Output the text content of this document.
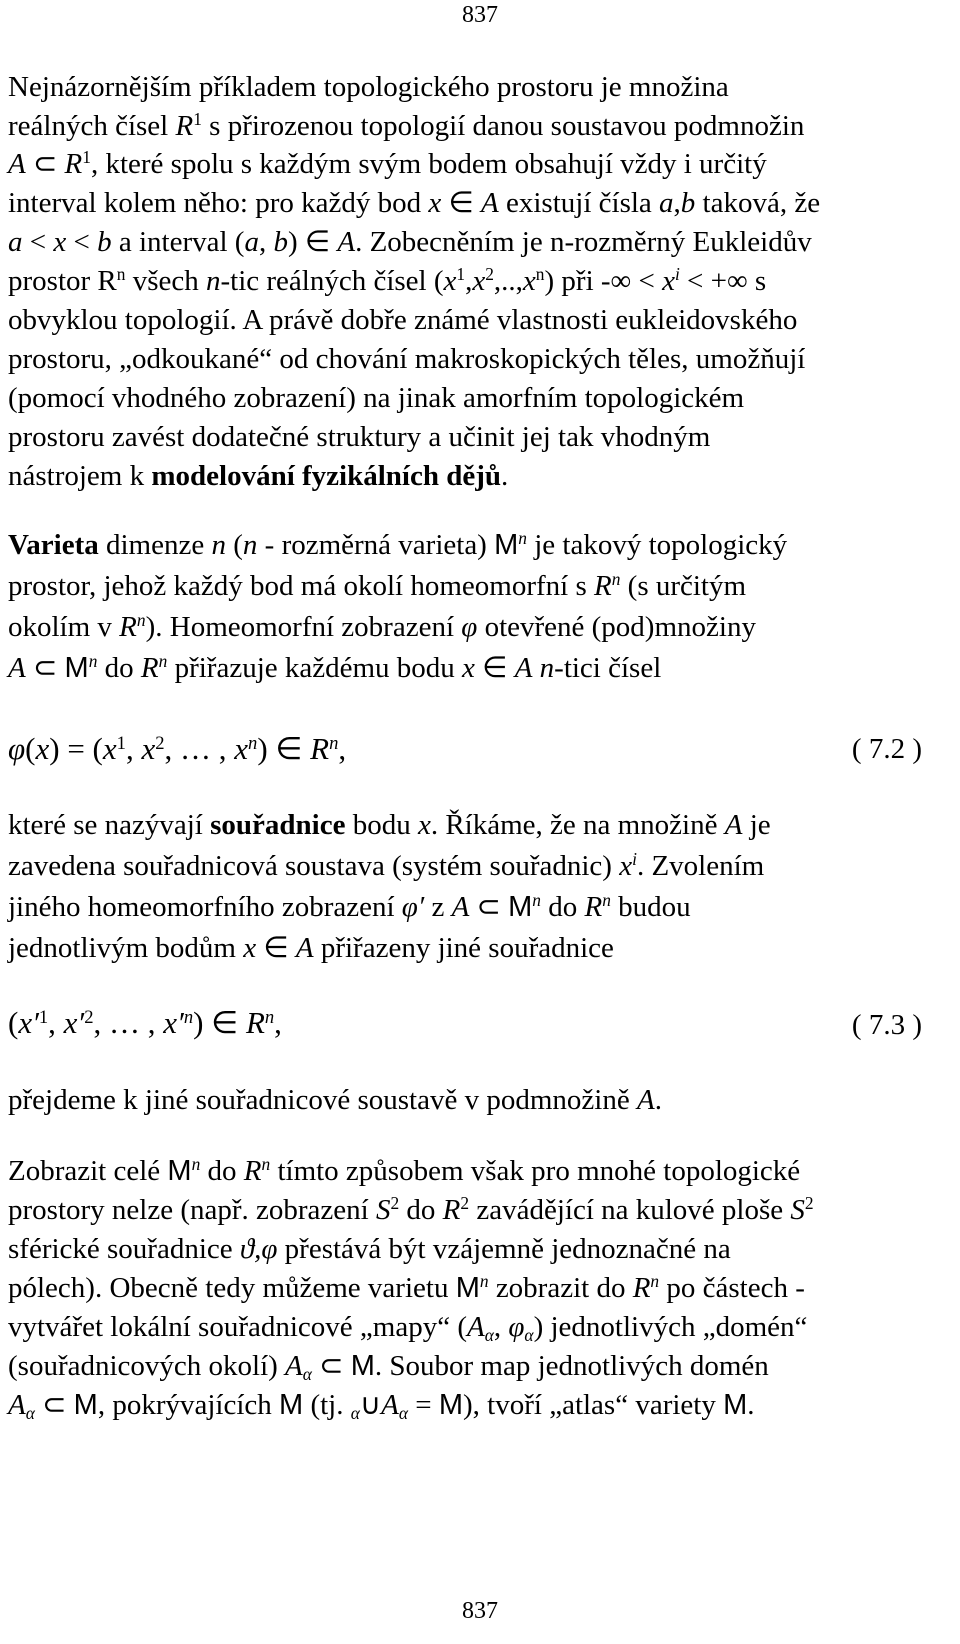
837
Nejnázornějším příkladem topologického prostoru je množina
reálných čísel $R^1$ s přirozenou topologií danou soustavou podmnožin
A ⊂ $R^1$, které spolu s každým svým bodem obsahují vždy i určitý
interval kolem něho: pro každý bod x ∈ A existují čísla a,b taková, že
a < x < b a interval (a, b) ∈ A. Zobecněním je n-rozměrný Eukleidův
prostor $R^n$ všech n-tic reálných čísel $(x^1,x^2,..,x^n)$ při -∞ < $x^i$ < +∞ s
obvyklou topologií. A právě dobře známé vlastnosti eukleidovského
prostoru, „odkoukané“ od chování makroskopických těles, umožňují
(pomocí vhodného zobrazení) na jinak amorfním topologickém
prostoru zavést dodatečné struktury a učinit jej tak vhodným
nástrojem k modelování fyzikálních dějů.
Varieta dimenze n (n - rozměrná varieta) $M^n$ je takový topologický
prostor, jehož každý bod má okolí homeomorfní s $R^n$ (s určitým
okolím v $R^n$). Homeomorfní zobrazení φ otevřené (pod)množiny
A ⊂ $M^n$ do $R^n$ přiřazuje každému bodu x ∈ A n-tici čísel
$\varphi(x) = (x^1$, $x^2$, … , $x^n$) ∈ $R^n$,	( 7.2 )
které se nazývají souřadnice bodu x. Říkáme, že na množině A je
zavedena souřadnicová soustava (systém souřadnic) $x^i$. Zvolením
jiného homeomorfního zobrazení φ′ z A ⊂ $M^n$ do $R^n$ budou
jednotlivým bodům x ∈ A přiřazeny jiné souřadnice
($x'^1$, $x'^2$, … , $x'^n$) ∈ $R^n$,	( 7.3 )
přejdeme k jiné souřadnicové soustavě v podmnožině A.
Zobrazit celé $M^n$ do $R^n$ tímto způsobem však pro mnohé topologické
prostory nelze (např. zobrazení $S^2$ do $R^2$ zavádějící na kulové ploše $S^2$
sférické souřadnice ϑ,φ přestává být vzájemně jednoznačné na
pólech). Obecně tedy můžeme varietu $M^n$ zobrazit do $R^n$ po částech -
vytvářet lokální souřadnicové „mapy“ ($A_\alpha$, $\varphi_\alpha$) jednotlivých „domén“
(souřadnicových okolí) $A_\alpha$ ⊂ M. Soubor map jednotlivých domén
$A_\alpha$ ⊂ M, pokrývajících M (tj. $_\alpha\cup A_\alpha = M$), tvoří „atlas“ variety M.
837
